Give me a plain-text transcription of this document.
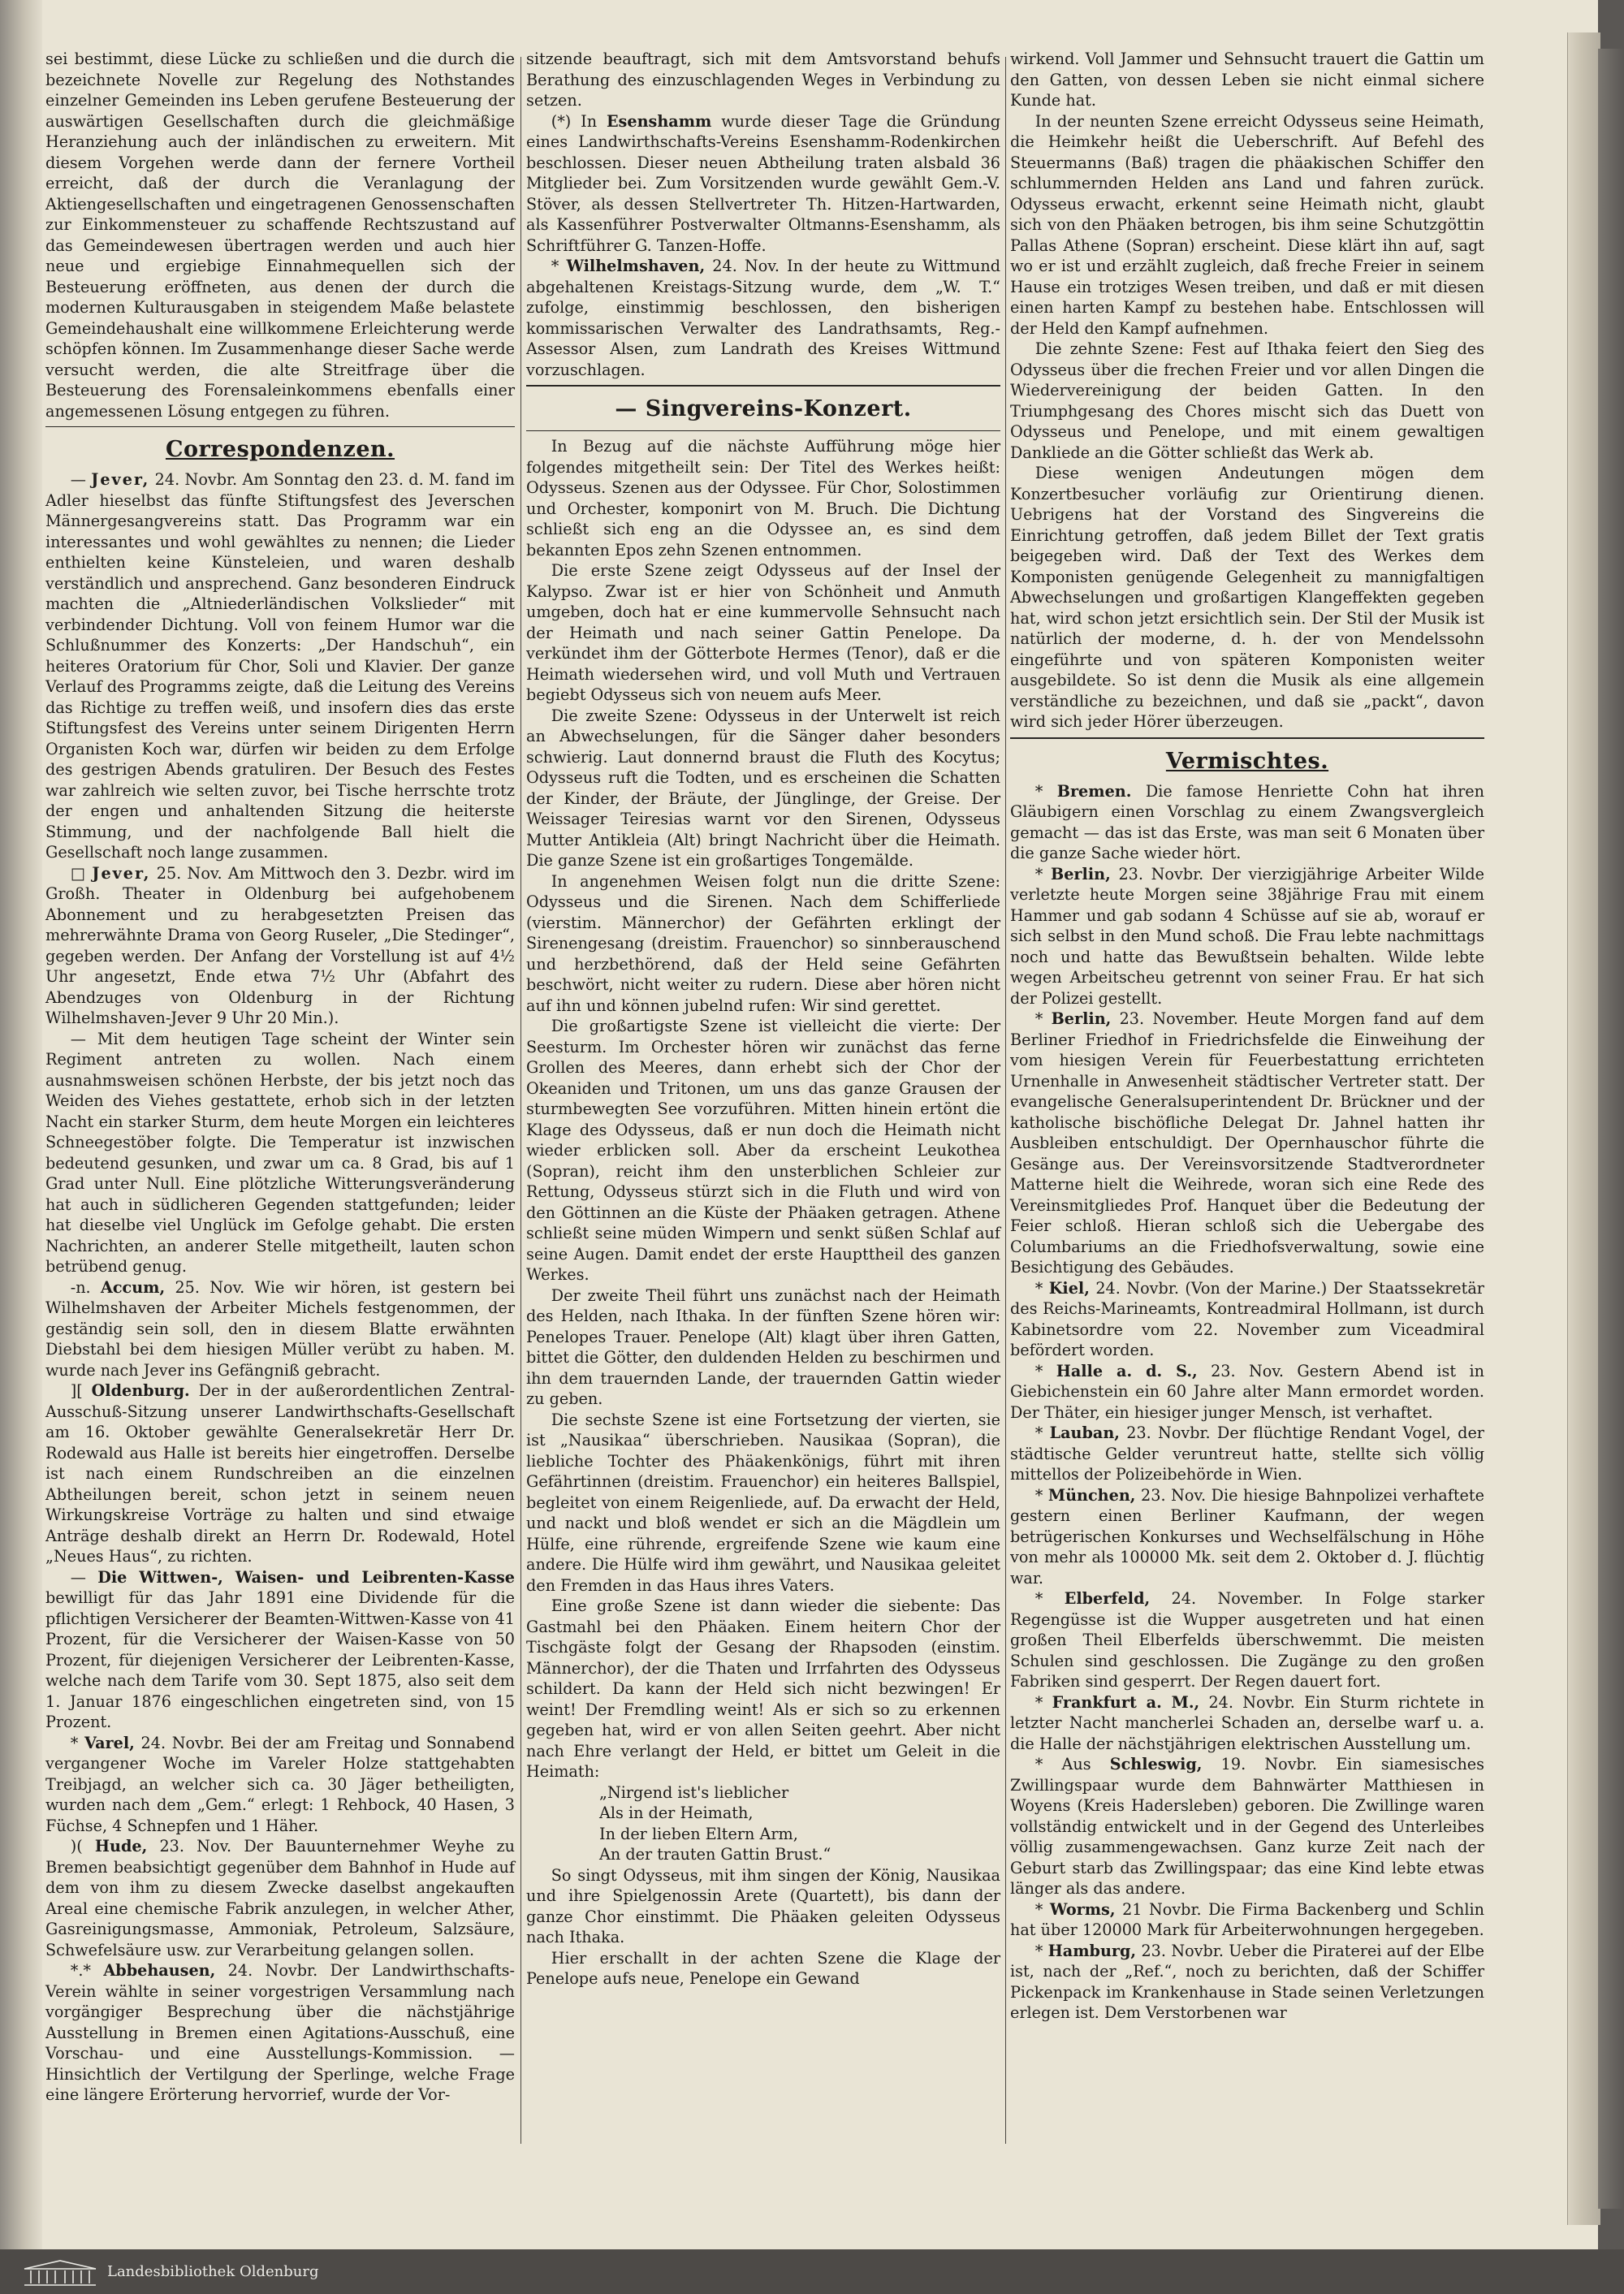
sei bestimmt, diese Lücke zu schließen und die durch die bezeichnete Novelle zur Regelung des Nothstandes einzelner Gemeinden ins Leben gerufene Besteuerung der auswärtigen Gesellschaften durch die gleichmäßige Heranziehung auch der inländischen zu erweitern. Mit diesem Vorgehen werde dann der fernere Vortheil erreicht, daß der durch die Veranlagung der Aktiengesellschaften und eingetragenen Genossenschaften zur Einkommensteuer zu schaffende Rechtszustand auf das Gemeindewesen übertragen werden und auch hier neue und ergiebige Einnahmequellen sich der Besteuerung eröffneten, aus denen der durch die modernen Kulturausgaben in steigendem Maße belastete Gemeindehaushalt eine willkommene Erleichterung werde schöpfen können. Im Zusammenhange dieser Sache werde versucht werden, die alte Streitfrage über die Besteuerung des Forensaleinkommens ebenfalls einer angemessenen Lösung entgegen zu führen.

Correspondenzen.

— Jever, 24. Novbr. Am Sonntag den 23. d. M. fand im Adler hieselbst das fünfte Stiftungsfest des Jeverschen Männergesangvereins statt. Das Programm war ein interessantes und wohl gewähltes zu nennen; die Lieder enthielten keine Künsteleien, und waren deshalb verständlich und ansprechend. Ganz besonderen Eindruck machten die „Altniederländischen Volkslieder“ mit verbindender Dichtung. Voll von feinem Humor war die Schlußnummer des Konzerts: „Der Handschuh“, ein heiteres Oratorium für Chor, Soli und Klavier. Der ganze Verlauf des Programms zeigte, daß die Leitung des Vereins das Richtige zu treffen weiß, und insofern dies das erste Stiftungsfest des Vereins unter seinem Dirigenten Herrn Organisten Koch war, dürfen wir beiden zu dem Erfolge des gestrigen Abends gratuliren. Der Besuch des Festes war zahlreich wie selten zuvor, bei Tische herrschte trotz der engen und anhaltenden Sitzung die heiterste Stimmung, und der nachfolgende Ball hielt die Gesellschaft noch lange zusammen.

□ Jever, 25. Nov. Am Mittwoch den 3. Dezbr. wird im Großh. Theater in Oldenburg bei aufgehobenem Abonnement und zu herabgesetzten Preisen das mehrerwähnte Drama von Georg Ruseler, „Die Stedinger“, gegeben werden. Der Anfang der Vorstellung ist auf 4½ Uhr angesetzt, Ende etwa 7½ Uhr (Abfahrt des Abendzuges von Oldenburg in der Richtung Wilhelmshaven-Jever 9 Uhr 20 Min.).

— Mit dem heutigen Tage scheint der Winter sein Regiment antreten zu wollen. Nach einem ausnahmsweisen schönen Herbste, der bis jetzt noch das Weiden des Viehes gestattete, erhob sich in der letzten Nacht ein starker Sturm, dem heute Morgen ein leichteres Schneegestöber folgte. Die Temperatur ist inzwischen bedeutend gesunken, und zwar um ca. 8 Grad, bis auf 1 Grad unter Null. Eine plötzliche Witterungsveränderung hat auch in südlicheren Gegenden stattgefunden; leider hat dieselbe viel Unglück im Gefolge gehabt. Die ersten Nachrichten, an anderer Stelle mitgetheilt, lauten schon betrübend genug.

-n. Accum, 25. Nov. Wie wir hören, ist gestern bei Wilhelmshaven der Arbeiter Michels festgenommen, der geständig sein soll, den in diesem Blatte erwähnten Diebstahl bei dem hiesigen Müller verübt zu haben. M. wurde nach Jever ins Gefängniß gebracht.

][ Oldenburg. Der in der außerordentlichen Zentral-Ausschuß-Sitzung unserer Landwirthschafts-Gesellschaft am 16. Oktober gewählte Generalsekretär Herr Dr. Rodewald aus Halle ist bereits hier eingetroffen. Derselbe ist nach einem Rundschreiben an die einzelnen Abtheilungen bereit, schon jetzt in seinem neuen Wirkungskreise Vorträge zu halten und sind etwaige Anträge deshalb direkt an Herrn Dr. Rodewald, Hotel „Neues Haus“, zu richten.

— Die Wittwen-, Waisen- und Leibrenten-Kasse bewilligt für das Jahr 1891 eine Dividende für die pflichtigen Versicherer der Beamten-Wittwen-Kasse von 41 Prozent, für die Versicherer der Waisen-Kasse von 50 Prozent, für diejenigen Versicherer der Leibrenten-Kasse, welche nach dem Tarife vom 30. Sept 1875, also seit dem 1. Januar 1876 eingeschlichen eingetreten sind, von 15 Prozent.

* Varel, 24. Novbr. Bei der am Freitag und Sonnabend vergangener Woche im Vareler Holze stattgehabten Treibjagd, an welcher sich ca. 30 Jäger betheiligten, wurden nach dem „Gem.“ erlegt: 1 Rehbock, 40 Hasen, 3 Füchse, 4 Schnepfen und 1 Häher.

)( Hude, 23. Nov. Der Bauunternehmer Weyhe zu Bremen beabsichtigt gegenüber dem Bahnhof in Hude auf dem von ihm zu diesem Zwecke daselbst angekauften Areal eine chemische Fabrik anzulegen, in welcher Ather, Gasreinigungsmasse, Ammoniak, Petroleum, Salzsäure, Schwefelsäure usw. zur Verarbeitung gelangen sollen.

*.* Abbehausen, 24. Novbr. Der Landwirthschafts-Verein wählte in seiner vorgestrigen Versammlung nach vorgängiger Besprechung über die nächstjährige Ausstellung in Bremen einen Agitations-Ausschuß, eine Vorschau- und eine Ausstellungs-Kommission. — Hinsichtlich der Vertilgung der Sperlinge, welche Frage eine längere Erörterung hervorrief, wurde der Vor-

sitzende beauftragt, sich mit dem Amtsvorstand behufs Berathung des einzuschlagenden Weges in Verbindung zu setzen.

(*) In Esenshamm wurde dieser Tage die Gründung eines Landwirthschafts-Vereins Esenshamm-Rodenkirchen beschlossen. Dieser neuen Abtheilung traten alsbald 36 Mitglieder bei. Zum Vorsitzenden wurde gewählt Gem.-V. Stöver, als dessen Stellvertreter Th. Hitzen-Hartwarden, als Kassenführer Postverwalter Oltmanns-Esenshamm, als Schriftführer G. Tanzen-Hoffe.

* Wilhelmshaven, 24. Nov. In der heute zu Wittmund abgehaltenen Kreistags-Sitzung wurde, dem „W. T.“ zufolge, einstimmig beschlossen, den bisherigen kommissarischen Verwalter des Landrathsamts, Reg.-Assessor Alsen, zum Landrath des Kreises Wittmund vorzuschlagen.

— Singvereins-Konzert.

In Bezug auf die nächste Aufführung möge hier folgendes mitgetheilt sein: Der Titel des Werkes heißt: Odysseus. Szenen aus der Odyssee. Für Chor, Solostimmen und Orchester, komponirt von M. Bruch. Die Dichtung schließt sich eng an die Odyssee an, es sind dem bekannten Epos zehn Szenen entnommen.

Die erste Szene zeigt Odysseus auf der Insel der Kalypso. Zwar ist er hier von Schönheit und Anmuth umgeben, doch hat er eine kummervolle Sehnsucht nach der Heimath und nach seiner Gattin Penelope. Da verkündet ihm der Götterbote Hermes (Tenor), daß er die Heimath wiedersehen wird, und voll Muth und Vertrauen begiebt Odysseus sich von neuem aufs Meer.

Die zweite Szene: Odysseus in der Unterwelt ist reich an Abwechselungen, für die Sänger daher besonders schwierig. Laut donnernd braust die Fluth des Kocytus; Odysseus ruft die Todten, und es erscheinen die Schatten der Kinder, der Bräute, der Jünglinge, der Greise. Der Weissager Teiresias warnt vor den Sirenen, Odysseus Mutter Antikleia (Alt) bringt Nachricht über die Heimath. Die ganze Szene ist ein großartiges Tongemälde.

In angenehmen Weisen folgt nun die dritte Szene: Odysseus und die Sirenen. Nach dem Schifferliede (vierstim. Männerchor) der Gefährten erklingt der Sirenengesang (dreistim. Frauenchor) so sinnberauschend und herzbethörend, daß der Held seine Gefährten beschwört, nicht weiter zu rudern. Diese aber hören nicht auf ihn und können jubelnd rufen: Wir sind gerettet.

Die großartigste Szene ist vielleicht die vierte: Der Seesturm. Im Orchester hören wir zunächst das ferne Grollen des Meeres, dann erhebt sich der Chor der Okeaniden und Tritonen, um uns das ganze Grausen der sturmbewegten See vorzuführen. Mitten hinein ertönt die Klage des Odysseus, daß er nun doch die Heimath nicht wieder erblicken soll. Aber da erscheint Leukothea (Sopran), reicht ihm den unsterblichen Schleier zur Rettung, Odysseus stürzt sich in die Fluth und wird von den Göttinnen an die Küste der Phäaken getragen. Athene schließt seine müden Wimpern und senkt süßen Schlaf auf seine Augen. Damit endet der erste Haupttheil des ganzen Werkes.

Der zweite Theil führt uns zunächst nach der Heimath des Helden, nach Ithaka. In der fünften Szene hören wir: Penelopes Trauer. Penelope (Alt) klagt über ihren Gatten, bittet die Götter, den duldenden Helden zu beschirmen und ihn dem trauernden Lande, der trauernden Gattin wieder zu geben.

Die sechste Szene ist eine Fortsetzung der vierten, sie ist „Nausikaa“ überschrieben. Nausikaa (Sopran), die liebliche Tochter des Phäakenkönigs, führt mit ihren Gefährtinnen (dreistim. Frauenchor) ein heiteres Ballspiel, begleitet von einem Reigenliede, auf. Da erwacht der Held, und nackt und bloß wendet er sich an die Mägdlein um Hülfe, eine rührende, ergreifende Szene wie kaum eine andere. Die Hülfe wird ihm gewährt, und Nausikaa geleitet den Fremden in das Haus ihres Vaters.

Eine große Szene ist dann wieder die siebente: Das Gastmahl bei den Phäaken. Einem heitern Chor der Tischgäste folgt der Gesang der Rhapsoden (einstim. Männerchor), der die Thaten und Irrfahrten des Odysseus schildert. Da kann der Held sich nicht bezwingen! Er weint! Der Fremdling weint! Als er sich so zu erkennen gegeben hat, wird er von allen Seiten geehrt. Aber nicht nach Ehre verlangt der Held, er bittet um Geleit in die Heimath:

„Nirgend ist's lieblicher

Als in der Heimath,

In der lieben Eltern Arm,

An der trauten Gattin Brust.“

So singt Odysseus, mit ihm singen der König, Nausikaa und ihre Spielgenossin Arete (Quartett), bis dann der ganze Chor einstimmt. Die Phäaken geleiten Odysseus nach Ithaka.

Hier erschallt in der achten Szene die Klage der Penelope aufs neue, Penelope ein Gewand

wirkend. Voll Jammer und Sehnsucht trauert die Gattin um den Gatten, von dessen Leben sie nicht einmal sichere Kunde hat.

In der neunten Szene erreicht Odysseus seine Heimath, die Heimkehr heißt die Ueberschrift. Auf Befehl des Steuermanns (Baß) tragen die phäakischen Schiffer den schlummernden Helden ans Land und fahren zurück. Odysseus erwacht, erkennt seine Heimath nicht, glaubt sich von den Phäaken betrogen, bis ihm seine Schutzgöttin Pallas Athene (Sopran) erscheint. Diese klärt ihn auf, sagt wo er ist und erzählt zugleich, daß freche Freier in seinem Hause ein trotziges Wesen treiben, und daß er mit diesen einen harten Kampf zu bestehen habe. Entschlossen will der Held den Kampf aufnehmen.

Die zehnte Szene: Fest auf Ithaka feiert den Sieg des Odysseus über die frechen Freier und vor allen Dingen die Wiedervereinigung der beiden Gatten. In den Triumphgesang des Chores mischt sich das Duett von Odysseus und Penelope, und mit einem gewaltigen Dankliede an die Götter schließt das Werk ab.

Diese wenigen Andeutungen mögen dem Konzertbesucher vorläufig zur Orientirung dienen. Uebrigens hat der Vorstand des Singvereins die Einrichtung getroffen, daß jedem Billet der Text gratis beigegeben wird. Daß der Text des Werkes dem Komponisten genügende Gelegenheit zu mannigfaltigen Abwechselungen und großartigen Klangeffekten gegeben hat, wird schon jetzt ersichtlich sein. Der Stil der Musik ist natürlich der moderne, d. h. der von Mendelssohn eingeführte und von späteren Komponisten weiter ausgebildete. So ist denn die Musik als eine allgemein verständliche zu bezeichnen, und daß sie „packt“, davon wird sich jeder Hörer überzeugen.

Vermischtes.

* Bremen. Die famose Henriette Cohn hat ihren Gläubigern einen Vorschlag zu einem Zwangsvergleich gemacht — das ist das Erste, was man seit 6 Monaten über die ganze Sache wieder hört.

* Berlin, 23. Novbr. Der vierzigjährige Arbeiter Wilde verletzte heute Morgen seine 38jährige Frau mit einem Hammer und gab sodann 4 Schüsse auf sie ab, worauf er sich selbst in den Mund schoß. Die Frau lebte nachmittags noch und hatte das Bewußtsein behalten. Wilde lebte wegen Arbeitscheu getrennt von seiner Frau. Er hat sich der Polizei gestellt.

* Berlin, 23. November. Heute Morgen fand auf dem Berliner Friedhof in Friedrichsfelde die Einweihung der vom hiesigen Verein für Feuerbestattung errichteten Urnenhalle in Anwesenheit städtischer Vertreter statt. Der evangelische Generalsuperintendent Dr. Brückner und der katholische bischöfliche Delegat Dr. Jahnel hatten ihr Ausbleiben entschuldigt. Der Opernhauschor führte die Gesänge aus. Der Vereinsvorsitzende Stadtverordneter Matterne hielt die Weihrede, woran sich eine Rede des Vereinsmitgliedes Prof. Hanquet über die Bedeutung der Feier schloß. Hieran schloß sich die Uebergabe des Columbariums an die Friedhofsverwaltung, sowie eine Besichtigung des Gebäudes.

* Kiel, 24. Novbr. (Von der Marine.) Der Staatssekretär des Reichs-Marineamts, Kontreadmiral Hollmann, ist durch Kabinetsordre vom 22. November zum Viceadmiral befördert worden.

* Halle a. d. S., 23. Nov. Gestern Abend ist in Giebichenstein ein 60 Jahre alter Mann ermordet worden. Der Thäter, ein hiesiger junger Mensch, ist verhaftet.

* Lauban, 23. Novbr. Der flüchtige Rendant Vogel, der städtische Gelder veruntreut hatte, stellte sich völlig mittellos der Polizeibehörde in Wien.

* München, 23. Nov. Die hiesige Bahnpolizei verhaftete gestern einen Berliner Kaufmann, der wegen betrügerischen Konkurses und Wechselfälschung in Höhe von mehr als 100000 Mk. seit dem 2. Oktober d. J. flüchtig war.

* Elberfeld, 24. November. In Folge starker Regengüsse ist die Wupper ausgetreten und hat einen großen Theil Elberfelds überschwemmt. Die meisten Schulen sind geschlossen. Die Zugänge zu den großen Fabriken sind gesperrt. Der Regen dauert fort.

* Frankfurt a. M., 24. Novbr. Ein Sturm richtete in letzter Nacht mancherlei Schaden an, derselbe warf u. a. die Halle der nächstjährigen elektrischen Ausstellung um.

* Aus Schleswig, 19. Novbr. Ein siamesisches Zwillingspaar wurde dem Bahnwärter Matthiesen in Woyens (Kreis Hadersleben) geboren. Die Zwillinge waren vollständig entwickelt und in der Gegend des Unterleibes völlig zusammengewachsen. Ganz kurze Zeit nach der Geburt starb das Zwillingspaar; das eine Kind lebte etwas länger als das andere.

* Worms, 21 Novbr. Die Firma Backenberg und Schlin hat über 120000 Mark für Arbeiterwohnungen hergegeben.

* Hamburg, 23. Novbr. Ueber die Piraterei auf der Elbe ist, nach der „Ref.“, noch zu berichten, daß der Schiffer Pickenpack im Krankenhause in Stade seinen Verletzungen erlegen ist. Dem Verstorbenen war

Landesbibliothek Oldenburg
